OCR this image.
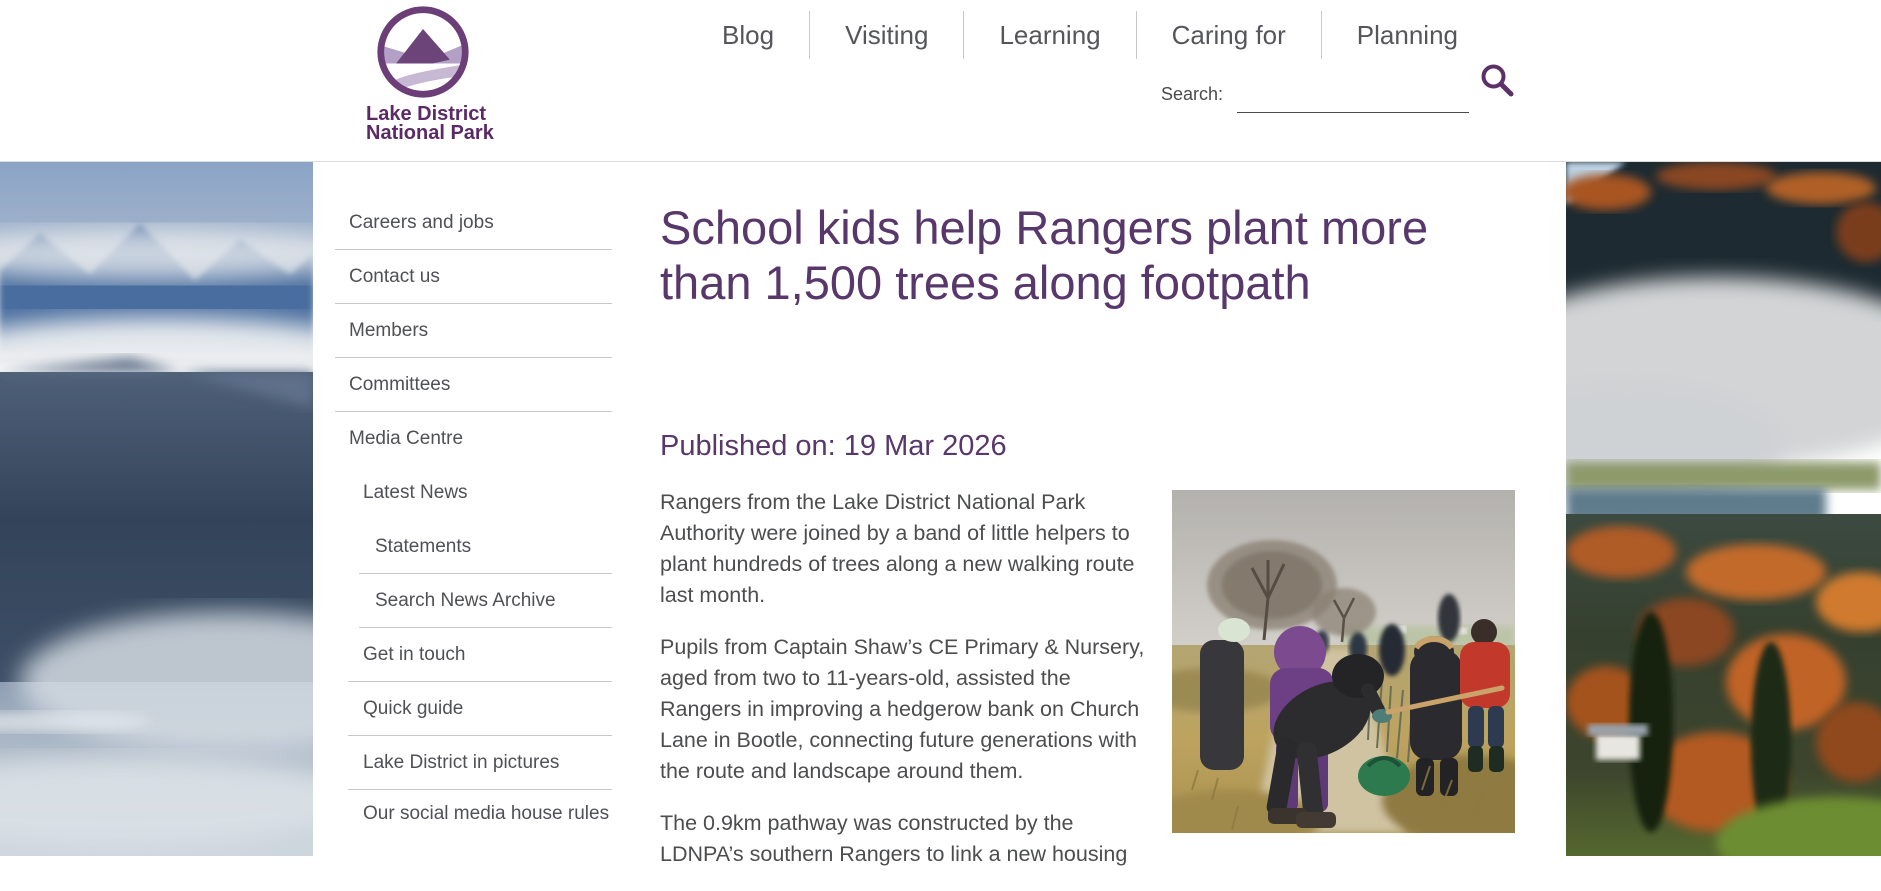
Lake District
National Park
Blog	Visiting	Learning	Caring for	Planning
Search:
Careers and jobs
Contact us
Members
Committees
Media Centre
Latest News
Statements
Search News Archive
Get in touch
Quick guide
Lake District in pictures
Our social media house rules
School kids help Rangers plant more than 1,500 trees along footpath
Published on: 19 Mar 2026

Rangers from the Lake District National Park Authority were joined by a band of little helpers to plant hundreds of trees along a new walking route last month.

Pupils from Captain Shaw’s CE Primary & Nursery, aged from two to 11-years-old, assisted the Rangers in improving a hedgerow bank on Church Lane in Bootle, connecting future generations with the route and landscape around them.

The 0.9km pathway was constructed by the LDNPA’s southern Rangers to link a new housing
